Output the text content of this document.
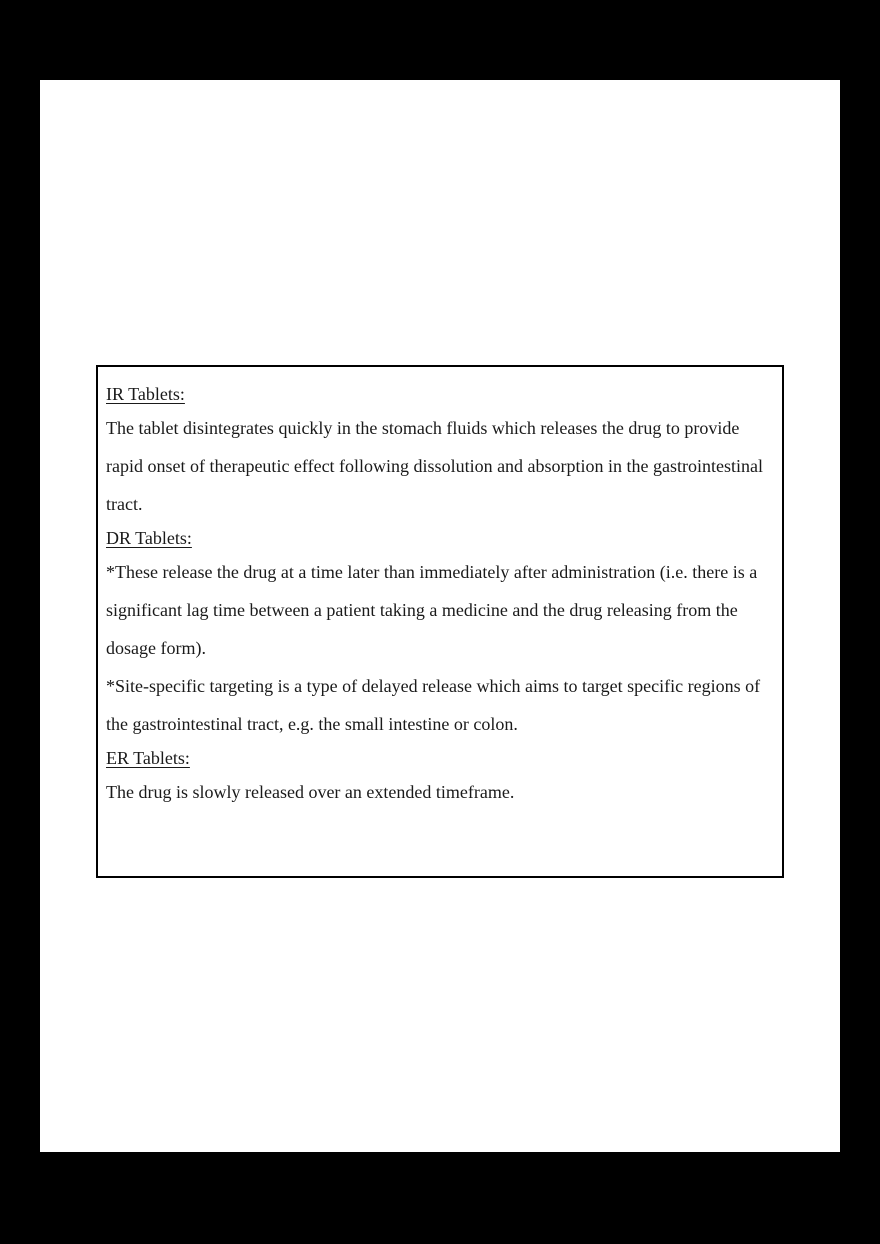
IR Tablets:

The tablet disintegrates quickly in the stomach fluids which releases the drug to provide rapid onset of therapeutic effect following dissolution and absorption in the gastrointestinal tract.

DR Tablets:

*These release the drug at a time later than immediately after administration (i.e. there is a significant lag time between a patient taking a medicine and the drug releasing from the dosage form).

*Site-specific targeting is a type of delayed release which aims to target specific regions of the gastrointestinal tract, e.g. the small intestine or colon.

ER Tablets:

The drug is slowly released over an extended timeframe.
